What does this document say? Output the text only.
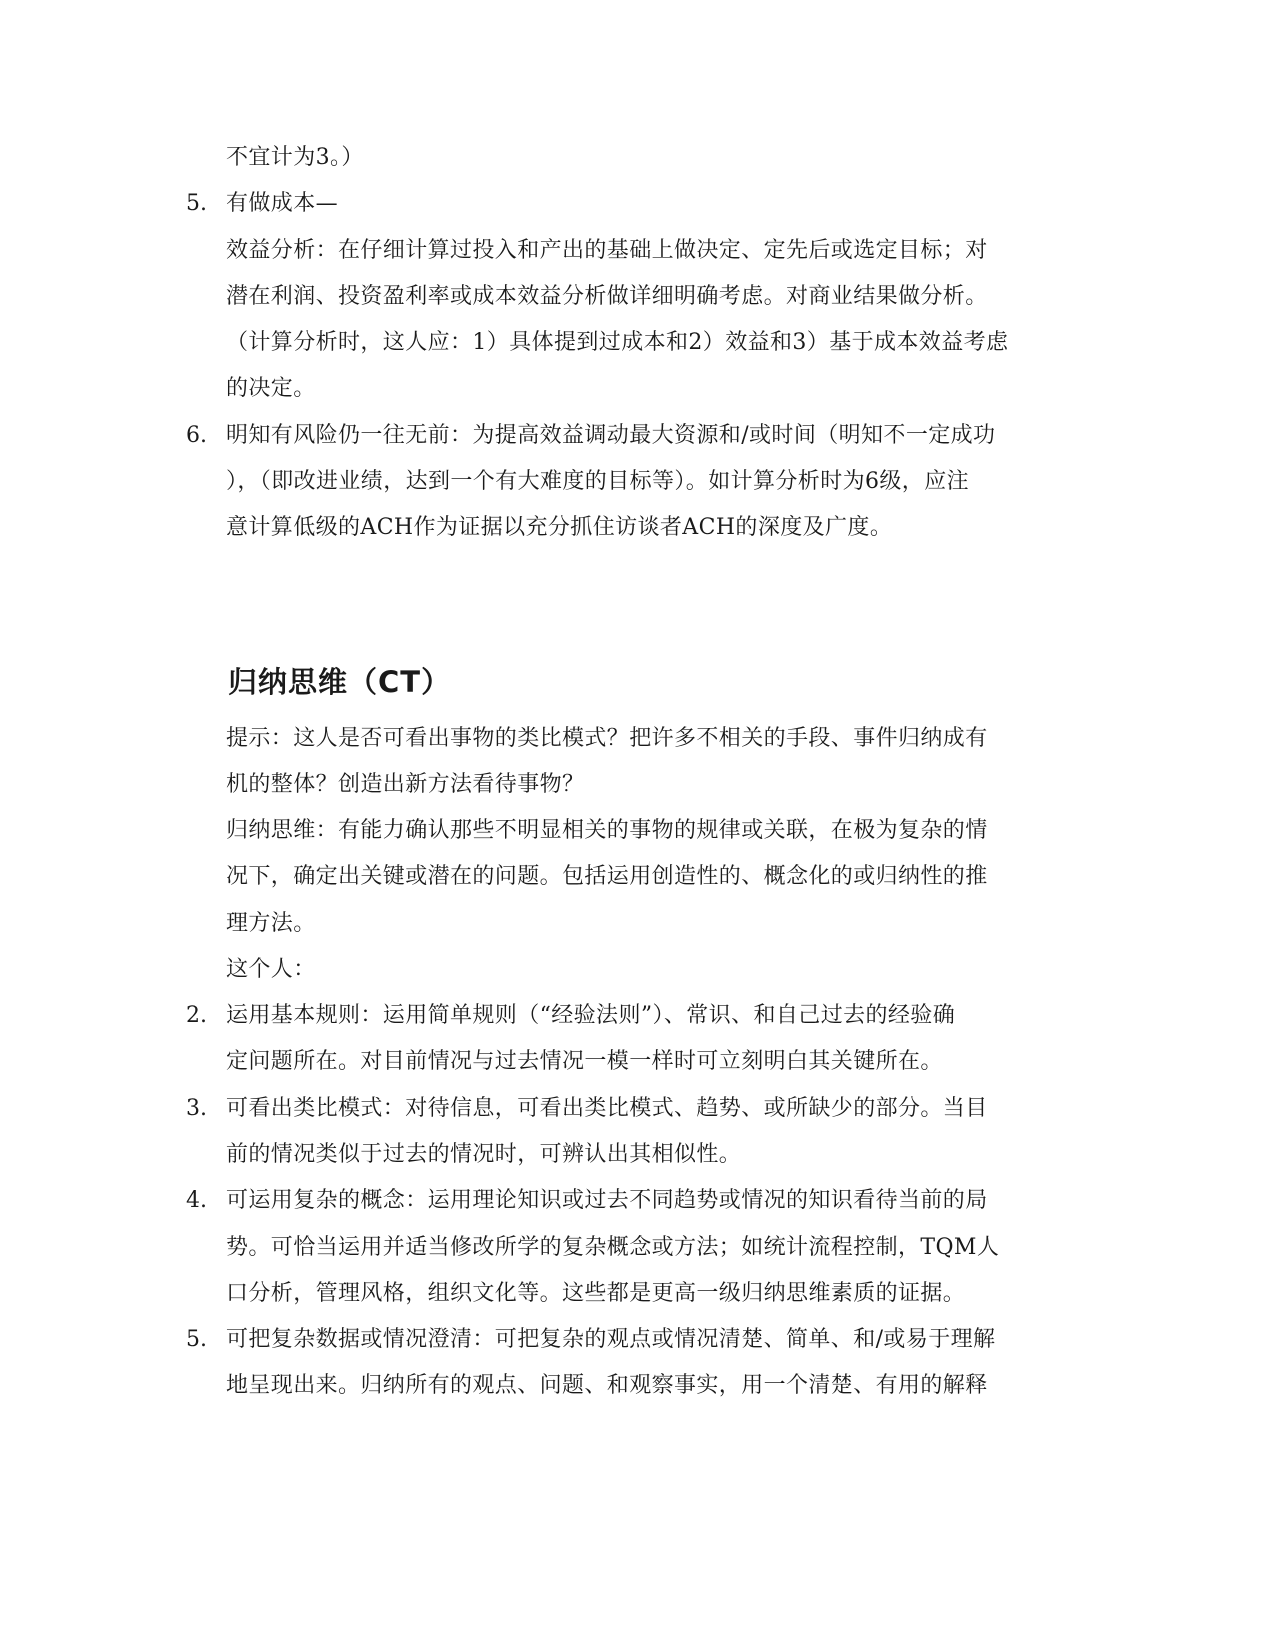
不宜计为3。）
5. 有做成本—
效益分析：在仔细计算过投入和产出的基础上做决定、定先后或选定目标；对
潜在利润、投资盈利率或成本效益分析做详细明确考虑。对商业结果做分析。
（计算分析时，这人应：1）具体提到过成本和2）效益和3）基于成本效益考虑
的决定。
6. 明知有风险仍一往无前：为提高效益调动最大资源和/或时间（明知不一定成功
），（即改进业绩，达到一个有大难度的目标等）。如计算分析时为6级，应注
意计算低级的ACH作为证据以充分抓住访谈者ACH的深度及广度。
归纳思维（CT）
提示：这人是否可看出事物的类比模式？把许多不相关的手段、事件归纳成有
机的整体？创造出新方法看待事物？
归纳思维：有能力确认那些不明显相关的事物的规律或关联，在极为复杂的情
况下，确定出关键或潜在的问题。包括运用创造性的、概念化的或归纳性的推
理方法。
这个人：
2. 运用基本规则：运用简单规则（“经验法则”）、常识、和自己过去的经验确
定问题所在。对目前情况与过去情况一模一样时可立刻明白其关键所在。
3. 可看出类比模式：对待信息，可看出类比模式、趋势、或所缺少的部分。当目
前的情况类似于过去的情况时，可辨认出其相似性。
4. 可运用复杂的概念：运用理论知识或过去不同趋势或情况的知识看待当前的局
势。可恰当运用并适当修改所学的复杂概念或方法；如统计流程控制，TQM人
口分析，管理风格，组织文化等。这些都是更高一级归纳思维素质的证据。
5. 可把复杂数据或情况澄清：可把复杂的观点或情况清楚、简单、和/或易于理解
地呈现出来。归纳所有的观点、问题、和观察事实，用一个清楚、有用的解释
